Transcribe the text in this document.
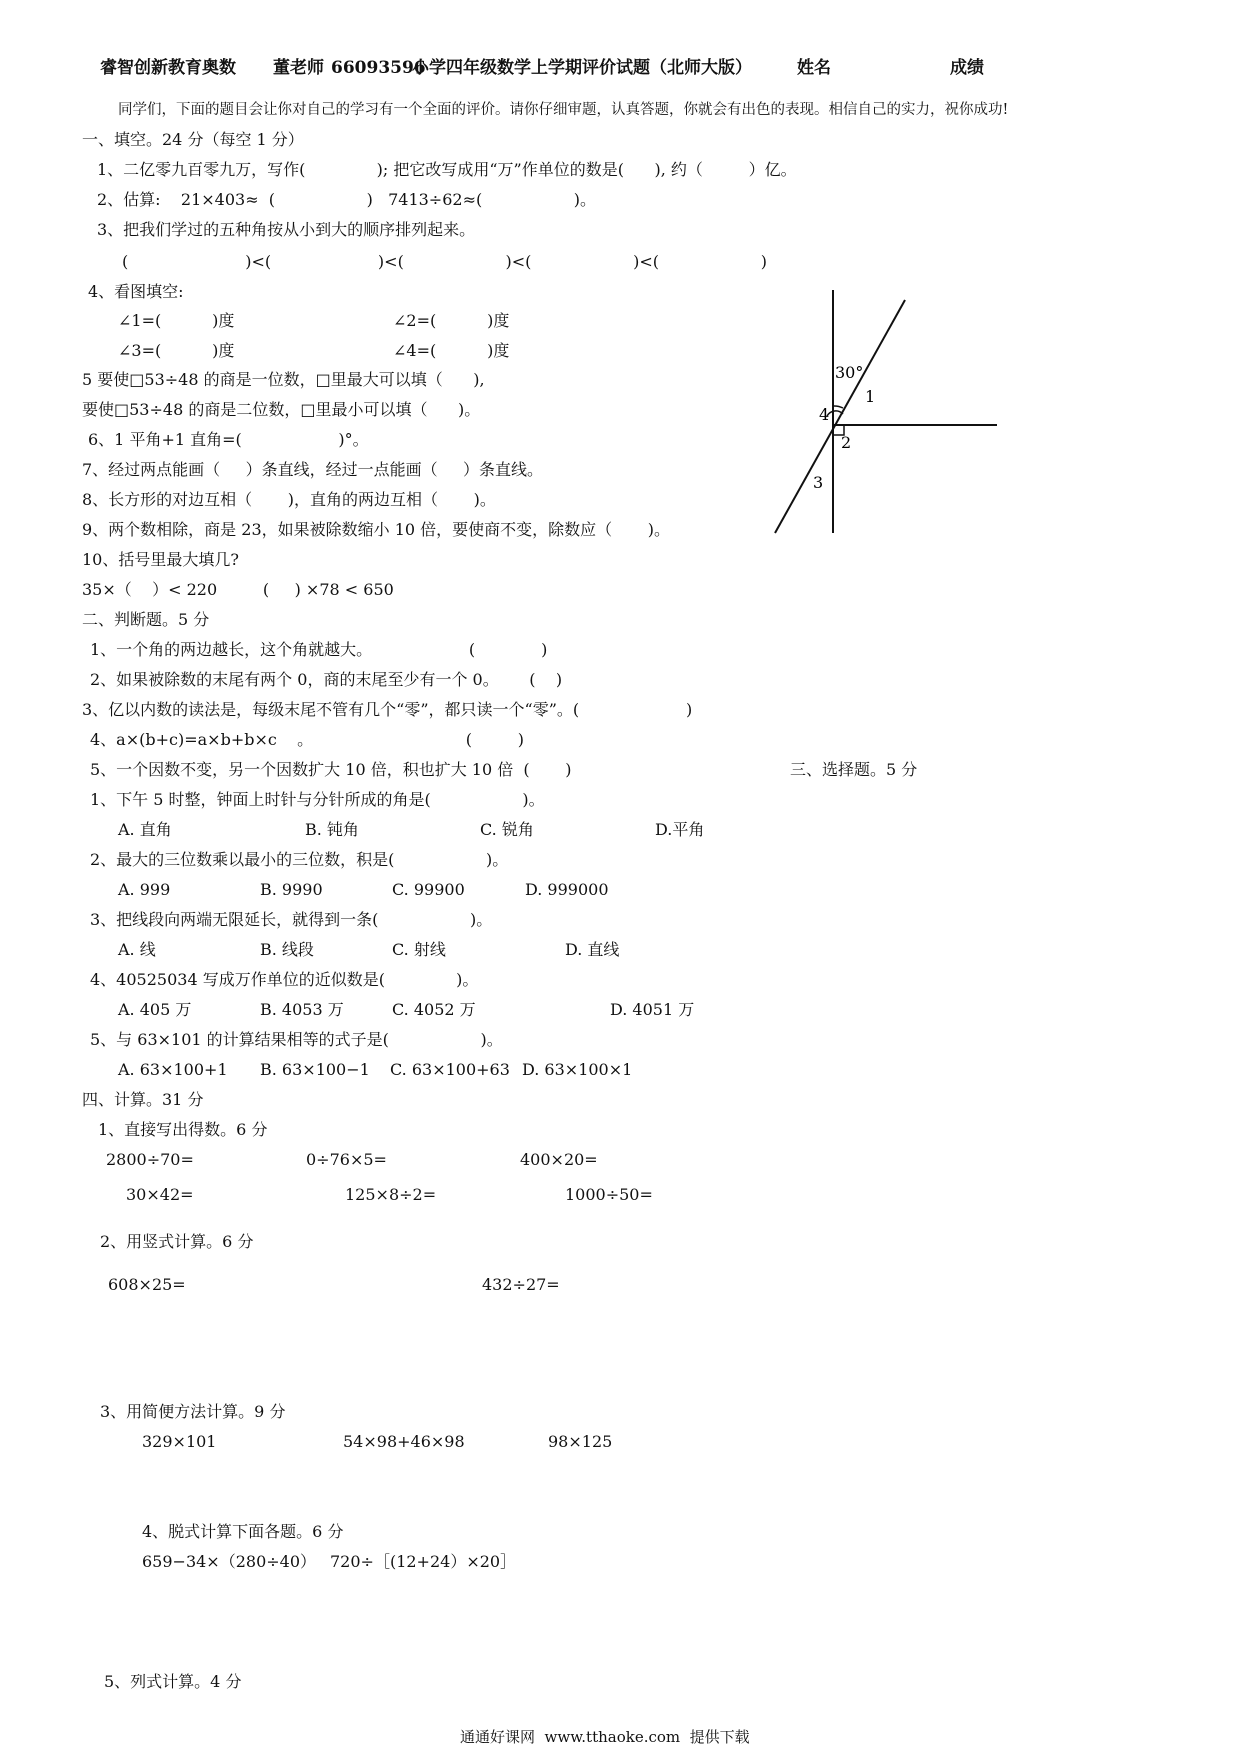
睿智创新教育奥数 董老师 66093596
小学四年级数学上学期评价试题（北师大版）	姓名	成绩
同学们，下面的题目会让你对自己的学习有一个全面的评价。请你仔细审题，认真答题，你就会有出色的表现。相信自己的实力，祝你成功!
一、填空。24 分（每空 1 分）
1、二亿零九百零九万，写作(              ); 把它改写成用“万”作单位的数是(      ), 约（         ）亿。
2、估算:    21×403≈  (                  )   7413÷62≈(                  )。
3、把我们学过的五种角按从小到大的顺序排列起来。
(                       )<(                     )<(                    )<(                    )<(                    )
4、看图填空:
∠1=(          )度	∠2=(          )度
∠3=(          )度	∠4=(          )度
5 要使□53÷48 的商是一位数，□里最大可以填（      ),
要使□53÷48 的商是二位数，□里最小可以填（      )。
6、1 平角+1 直角=(                   )°。
7、经过两点能画（     ）条直线，经过一点能画（     ）条直线。
8、长方形的对边互相（       )，直角的两边互相（       )。
9、两个数相除，商是 23，如果被除数缩小 10 倍，要使商不变，除数应（       )。
10、括号里最大填几?
35×（    ）< 220         (     ) ×78 < 650
30°
1
2
3
4
二、判断题。5 分
1、一个角的两边越长，这个角就越大。                   (             )
2、如果被除数的末尾有两个 0，商的末尾至少有一个 0。      (    )
3、亿以内数的读法是，每级末尾不管有几个“零”，都只读一个“零”。(                     )
4、a×(b+c)=a×b+b×c    。                              (         )
5、一个因数不变，另一个因数扩大 10 倍，积也扩大 10 倍  (       )	三、选择题。5 分
1、下午 5 时整，钟面上时针与分针所成的角是(                  )。
A. 直角	B. 钝角	C. 锐角	D.平角
2、最大的三位数乘以最小的三位数，积是(                  )。
A. 999	B. 9990	C. 99900	D. 999000
3、把线段向两端无限延长，就得到一条(                  )。
A. 线	B. 线段	C. 射线	D. 直线
4、40525034 写成万作单位的近似数是(              )。
A. 405 万	B. 4053 万	C. 4052 万	D. 4051 万
5、与 63×101 的计算结果相等的式子是(                  )。
A. 63×100+1 B. 63×100−1 C. 63×100+63 D. 63×100×1
四、计算。31 分
1、直接写出得数。6 分
2800÷70=	0÷76×5=	400×20=
30×42=	125×8÷2=	1000÷50=
2、用竖式计算。6 分
608×25=	432÷27=
3、用简便方法计算。9 分
329×101	54×98+46×98	98×125
4、脱式计算下面各题。6 分
659−34×（280÷40） 720÷［(12+24）×20］
5、列式计算。4 分
通通好课网  www.tthaoke.com  提供下载
